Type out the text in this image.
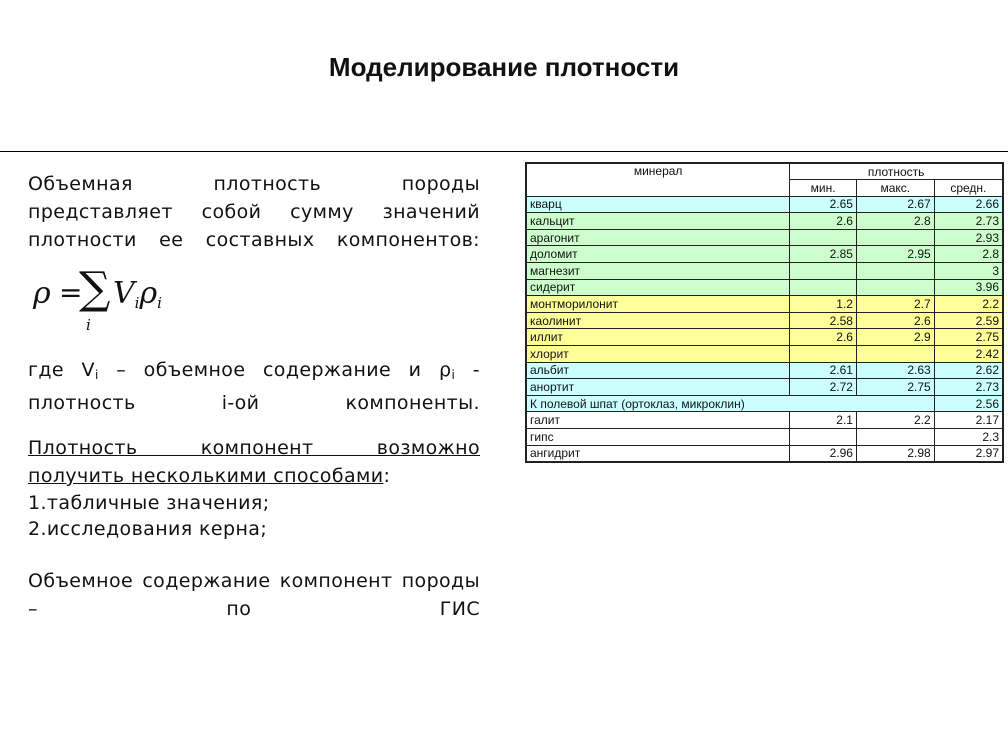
Моделирование плотности
Объемная плотность породы представляет собой сумму значений плотности ее составных компонентов:
ρ =
∑
i
$V_i\rho_i$
где $V_i$ – объемное содержание и $\rho_i$ - плотность i-ой компоненты.
Плотность компонент возможно
получить несколькими способами:
1.табличные значения;
2.исследования керна;
Объемное содержание компонент породы – по ГИС
минерал	плотность		
	мин.	макс.	средн.
кварц	2.65	2.67	2.66
кальцит	2.6	2.8	2.73
арагонит			2.93
доломит	2.85	2.95	2.8
магнезит			3
сидерит			3.96
монтморилонит	1.2	2.7	2.2
каолинит	2.58	2.6	2.59
иллит	2.6	2.9	2.75
хлорит			2.42
альбит	2.61	2.63	2.62
анортит	2.72	2.75	2.73
К полевой шпат (ортоклаз, микроклин)			2.56
галит	2.1	2.2	2.17
гипс			2.3
ангидрит	2.96	2.98	2.97
